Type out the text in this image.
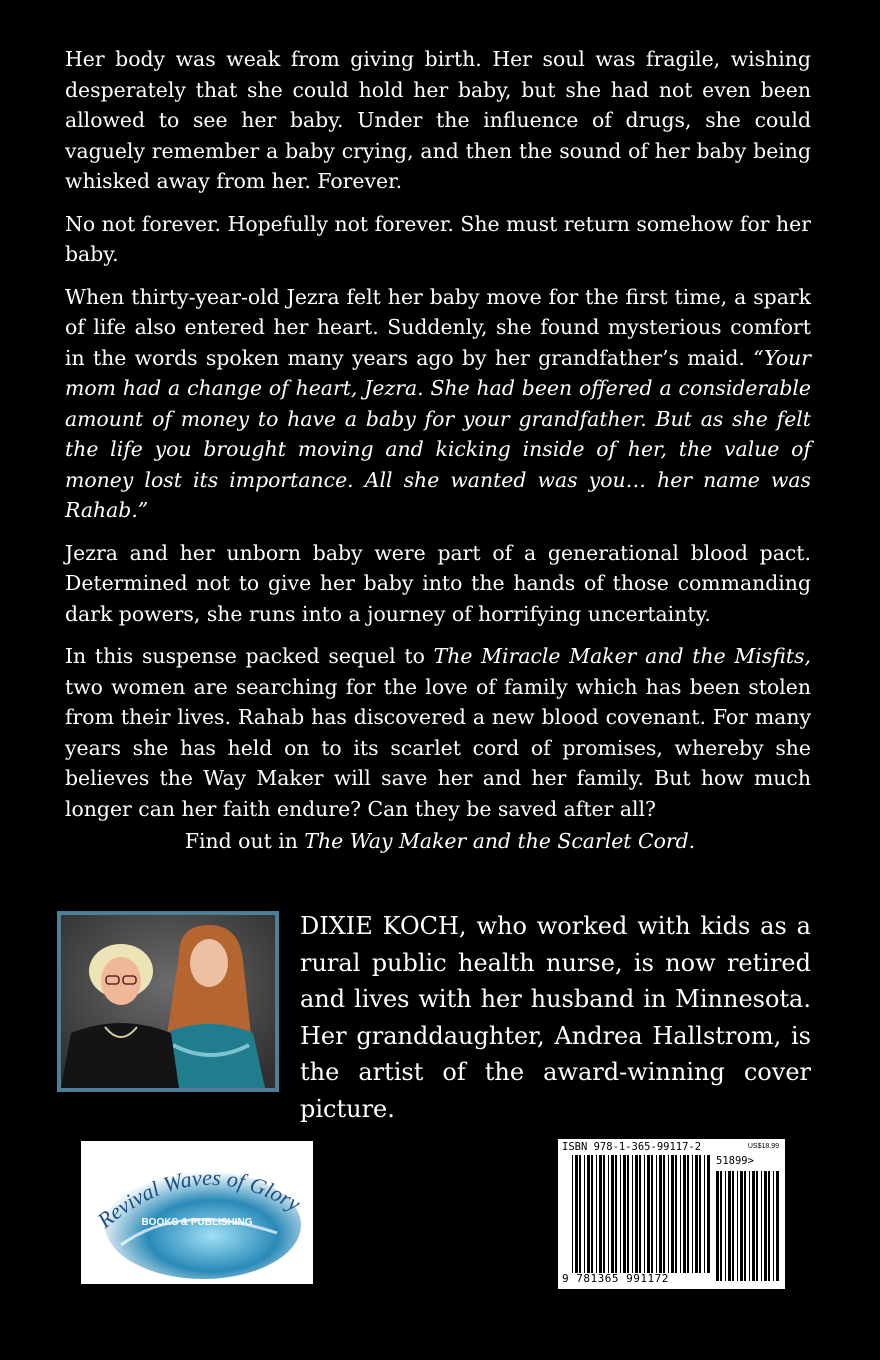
Her body was weak from giving birth. Her soul was fragile, wishing desperately that she could hold her baby, but she had not even been allowed to see her baby. Under the influence of drugs, she could vaguely remember a baby crying, and then the sound of her baby being whisked away from her. Forever.

No not forever. Hopefully not forever. She must return somehow for her baby.

When thirty-year-old Jezra felt her baby move for the first time, a spark of life also entered her heart. Suddenly, she found mysterious comfort in the words spoken many years ago by her grandfather’s maid. “Your mom had a change of heart, Jezra. She had been offered a considerable amount of money to have a baby for your grandfather. But as she felt the life you brought moving and kicking inside of her, the value of money lost its importance. All she wanted was you… her name was Rahab.”

Jezra and her unborn baby were part of a generational blood pact. Determined not to give her baby into the hands of those commanding dark powers, she runs into a journey of horrifying uncertainty.

In this suspense packed sequel to The Miracle Maker and the Misfits, two women are searching for the love of family which has been stolen from their lives. Rahab has discovered a new blood covenant. For many years she has held on to its scarlet cord of promises, whereby she believes the Way Maker will save her and her family. But how much longer can her faith endure? Can they be saved after all?

Find out in The Way Maker and the Scarlet Cord.
DIXIE KOCH, who worked with kids as a rural public health nurse, is now retired and lives with her husband in Minnesota. Her granddaughter, Andrea Hallstrom, is the artist of the award-winning cover picture.
Revival Waves of Glory
BOOKS & PUBLISHING
ISBN 978-1-365-99117-2	US$18.99
51899>
9 781365 991172
